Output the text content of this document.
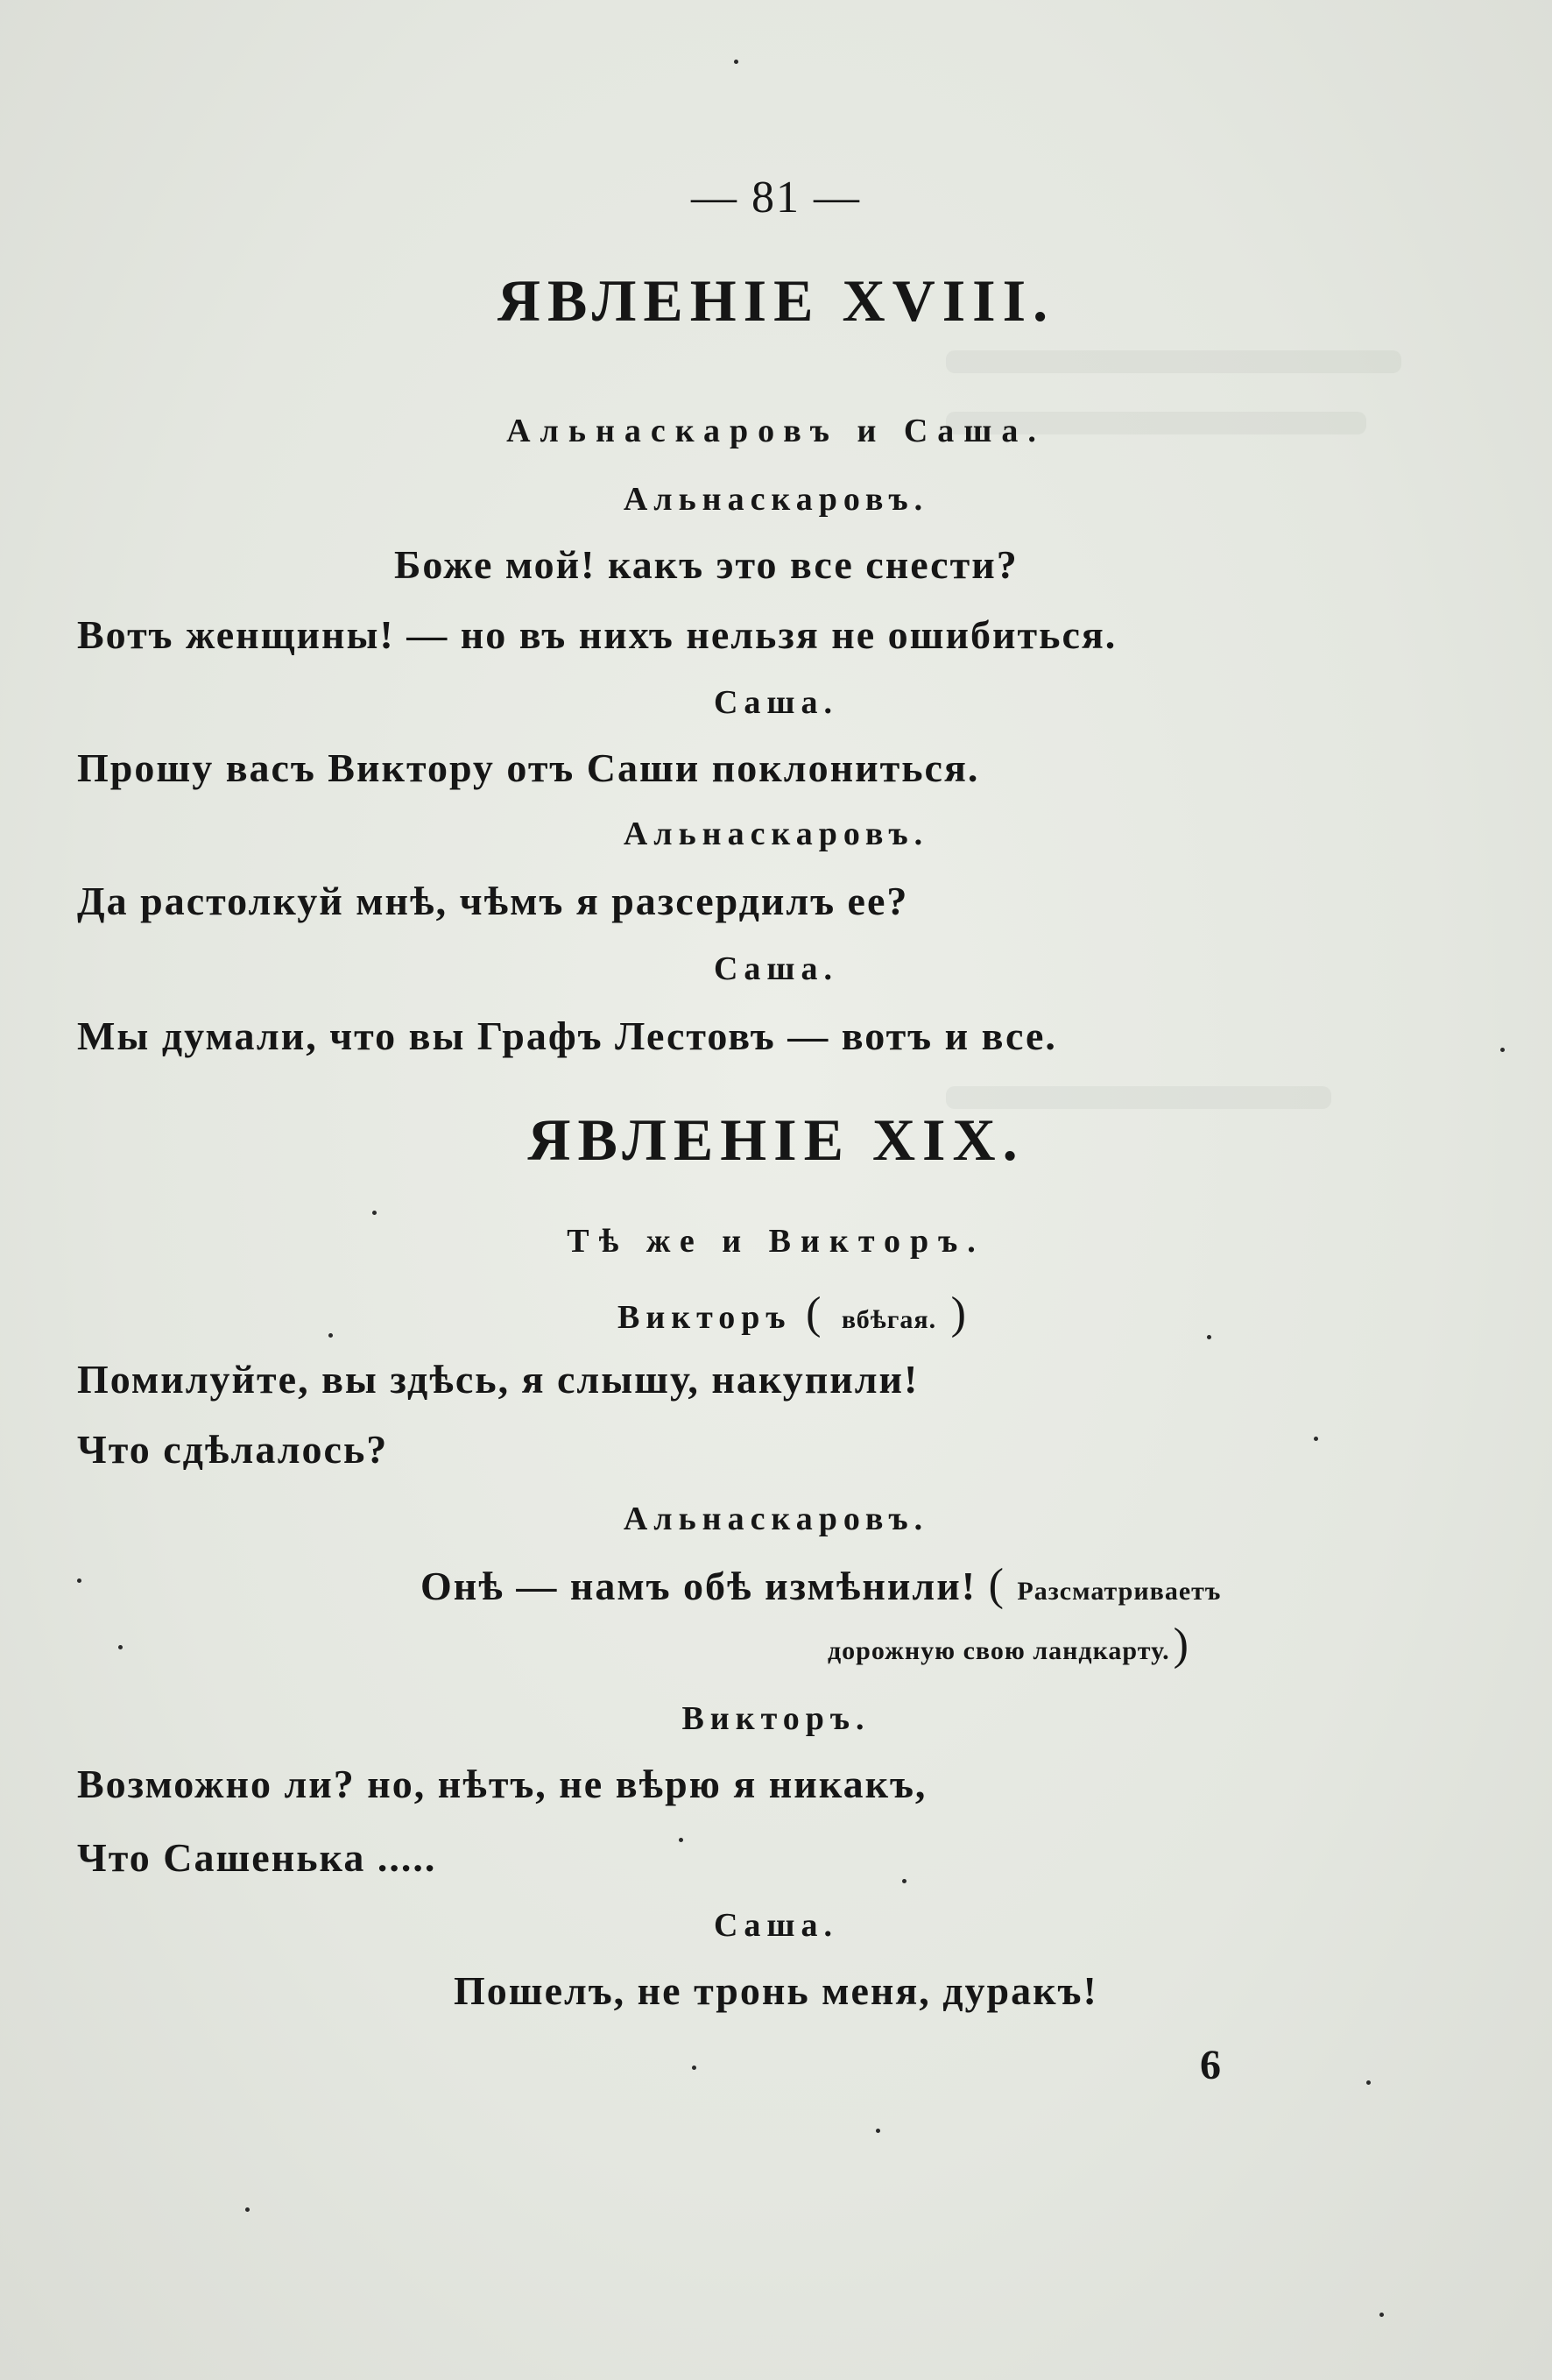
— 81 —
ЯВЛЕНІЕ XVIII.
Альнаскаровъ и Саша.
Альнаскаровъ.
Боже мой! какъ это все снести?
Вотъ женщины! — но въ нихъ нельзя не ошибиться.
Саша.
Прошу васъ Виктору отъ Саши поклониться.
Альнаскаровъ.
Да растолкуй мнѣ, чѣмъ я разсердилъ ее?
Саша.
Мы думали, что вы Графъ Лестовъ — вотъ и все.
ЯВЛЕНІЕ XIX.
Тѣ же и Викторъ.
Викторъ ( вбѣгая. )
Помилуйте, вы здѣсь, я слышу, накупили!
Что сдѣлалось?
Альнаскаровъ.
Онѣ — намъ обѣ измѣнили! ( Разсматриваетъ
дорожную свою ландкарту. )
Викторъ.
Возможно ли? но, нѣтъ, не вѣрю я никакъ,
Что Сашенька .....
Саша.
Пошелъ, не тронь меня, дуракъ!
6
